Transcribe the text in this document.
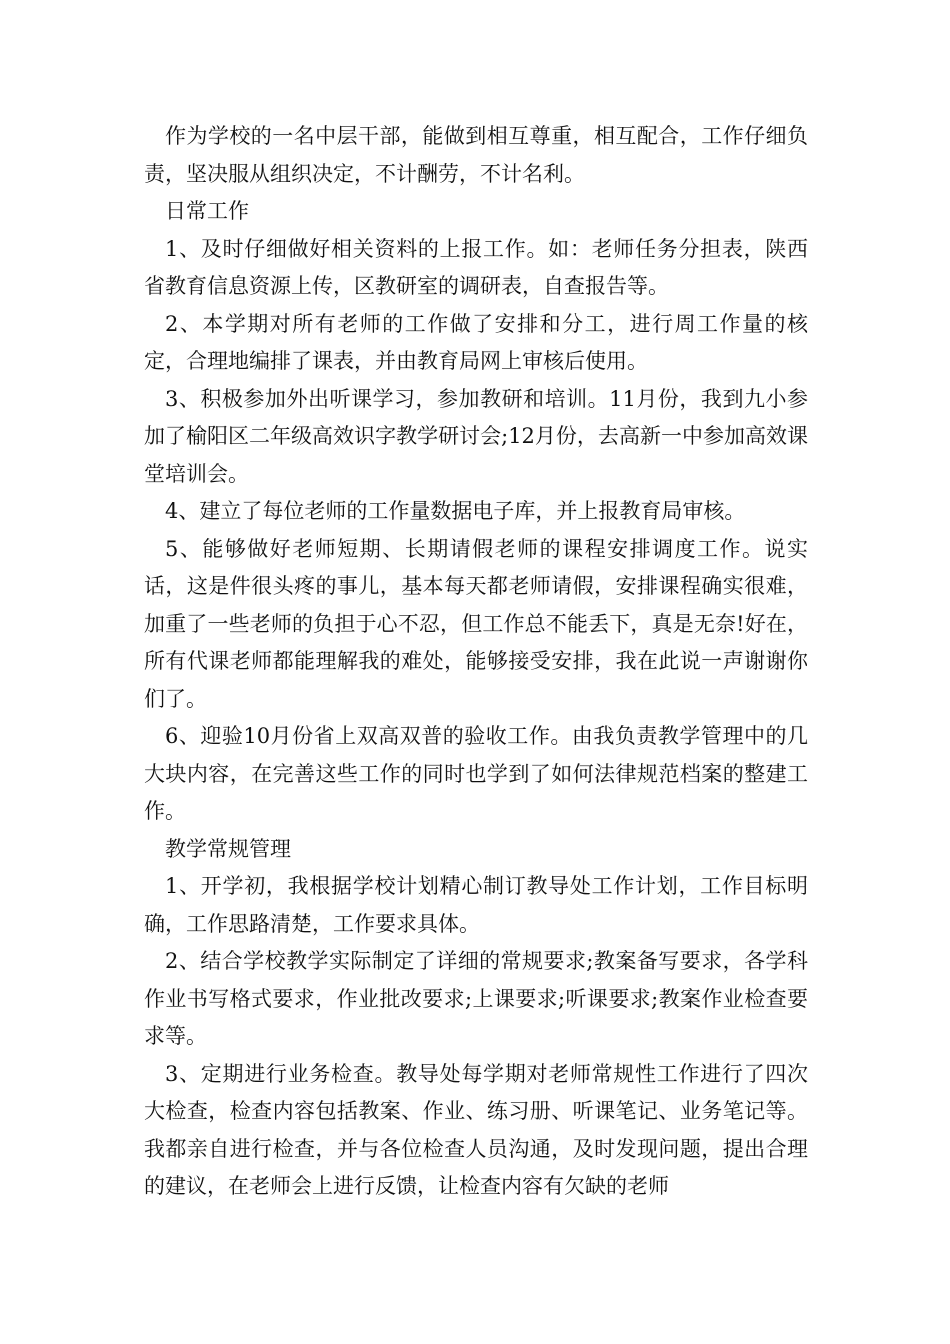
作为学校的一名中层干部，能做到相互尊重，相互配合，工作仔细负责，坚决服从组织决定，不计酬劳，不计名利。

日常工作

1、及时仔细做好相关资料的上报工作。如：老师任务分担表，陕西省教育信息资源上传，区教研室的调研表，自查报告等。

2、本学期对所有老师的工作做了安排和分工，进行周工作量的核定，合理地编排了课表，并由教育局网上审核后使用。

3、积极参加外出听课学习，参加教研和培训。11月份，我到九小参加了榆阳区二年级高效识字教学研讨会;12月份，去高新一中参加高效课堂培训会。

4、建立了每位老师的工作量数据电子库，并上报教育局审核。

5、能够做好老师短期、长期请假老师的课程安排调度工作。说实话，这是件很头疼的事儿，基本每天都老师请假，安排课程确实很难，加重了一些老师的负担于心不忍，但工作总不能丢下，真是无奈!好在，所有代课老师都能理解我的难处，能够接受安排，我在此说一声谢谢你们了。

6、迎验10月份省上双高双普的验收工作。由我负责教学管理中的几大块内容，在完善这些工作的同时也学到了如何法律规范档案的整建工作。

教学常规管理

1、开学初，我根据学校计划精心制订教导处工作计划，工作目标明确，工作思路清楚，工作要求具体。

2、结合学校教学实际制定了详细的常规要求;教案备写要求，各学科作业书写格式要求，作业批改要求;上课要求;听课要求;教案作业检查要求等。

3、定期进行业务检查。教导处每学期对老师常规性工作进行了四次大检查，检查内容包括教案、作业、练习册、听课笔记、业务笔记等。我都亲自进行检查，并与各位检查人员沟通，及时发现问题，提出合理的建议，在老师会上进行反馈，让检查内容有欠缺的老师
